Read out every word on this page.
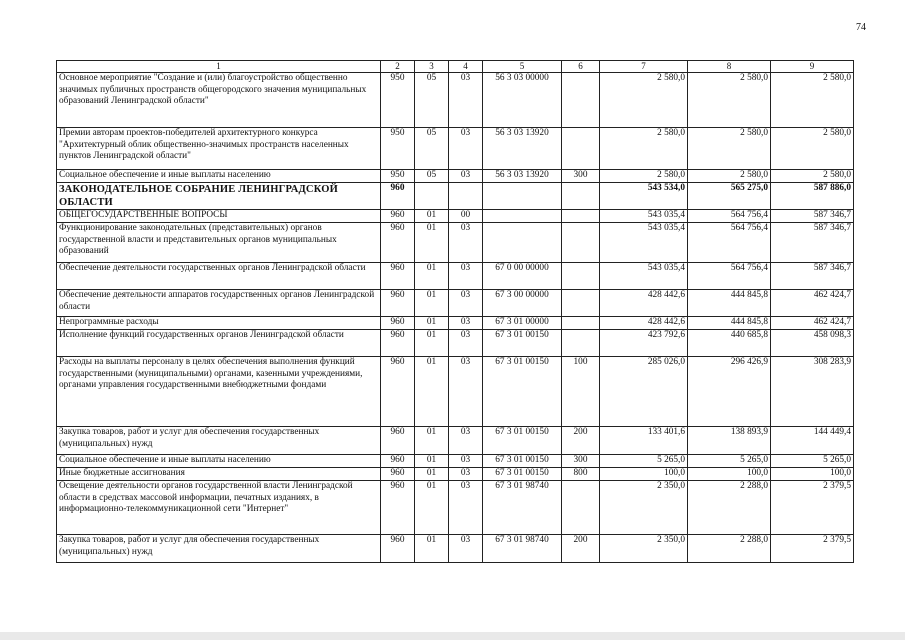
74
1	2	3	4	5	6	7	8	9
Основное мероприятие "Создание и (или) благоустройство общественно значимых публичных пространств общегородского значения муниципальных образований Ленинградской области"	950	05	03	56 3 03 00000		2 580,0	2 580,0	2 580,0
Премии авторам проектов-победителей архитектурного конкурса "Архитектурный облик общественно-значимых пространств населенных пунктов Ленинградской области"	950	05	03	56 3 03 13920		2 580,0	2 580,0	2 580,0
Социальное обеспечение и иные выплаты населению	950	05	03	56 3 03 13920	300	2 580,0	2 580,0	2 580,0
ЗАКОНОДАТЕЛЬНОЕ СОБРАНИЕ ЛЕНИНГРАДСКОЙ ОБЛАСТИ	960					543 534,0	565 275,0	587 886,0
ОБЩЕГОСУДАРСТВЕННЫЕ ВОПРОСЫ	960	01	00			543 035,4	564 756,4	587 346,7
Функционирование законодательных (представительных) органов государственной власти и представительных органов муниципальных образований	960	01	03			543 035,4	564 756,4	587 346,7
Обеспечение деятельности государственных органов Ленинградской области	960	01	03	67 0 00 00000		543 035,4	564 756,4	587 346,7
Обеспечение деятельности аппаратов государственных органов Ленинградской области	960	01	03	67 3 00 00000		428 442,6	444 845,8	462 424,7
Непрограммные расходы	960	01	03	67 3 01 00000		428 442,6	444 845,8	462 424,7
Исполнение функций государственных органов Ленинградской области	960	01	03	67 3 01 00150		423 792,6	440 685,8	458 098,3
Расходы на выплаты персоналу в целях обеспечения выполнения функций государственными (муниципальными) органами, казенными учреждениями, органами управления государственными внебюджетными фондами	960	01	03	67 3 01 00150	100	285 026,0	296 426,9	308 283,9
Закупка товаров, работ и услуг для обеспечения государственных (муниципальных) нужд	960	01	03	67 3 01 00150	200	133 401,6	138 893,9	144 449,4
Социальное обеспечение и иные выплаты населению	960	01	03	67 3 01 00150	300	5 265,0	5 265,0	5 265,0
Иные бюджетные ассигнования	960	01	03	67 3 01 00150	800	100,0	100,0	100,0
Освещение деятельности органов государственной власти Ленинградской области в средствах массовой информации, печатных изданиях, в информационно-телекоммуникационной сети "Интернет"	960	01	03	67 3 01 98740		2 350,0	2 288,0	2 379,5
Закупка товаров, работ и услуг для обеспечения государственных (муниципальных) нужд	960	01	03	67 3 01 98740	200	2 350,0	2 288,0	2 379,5
